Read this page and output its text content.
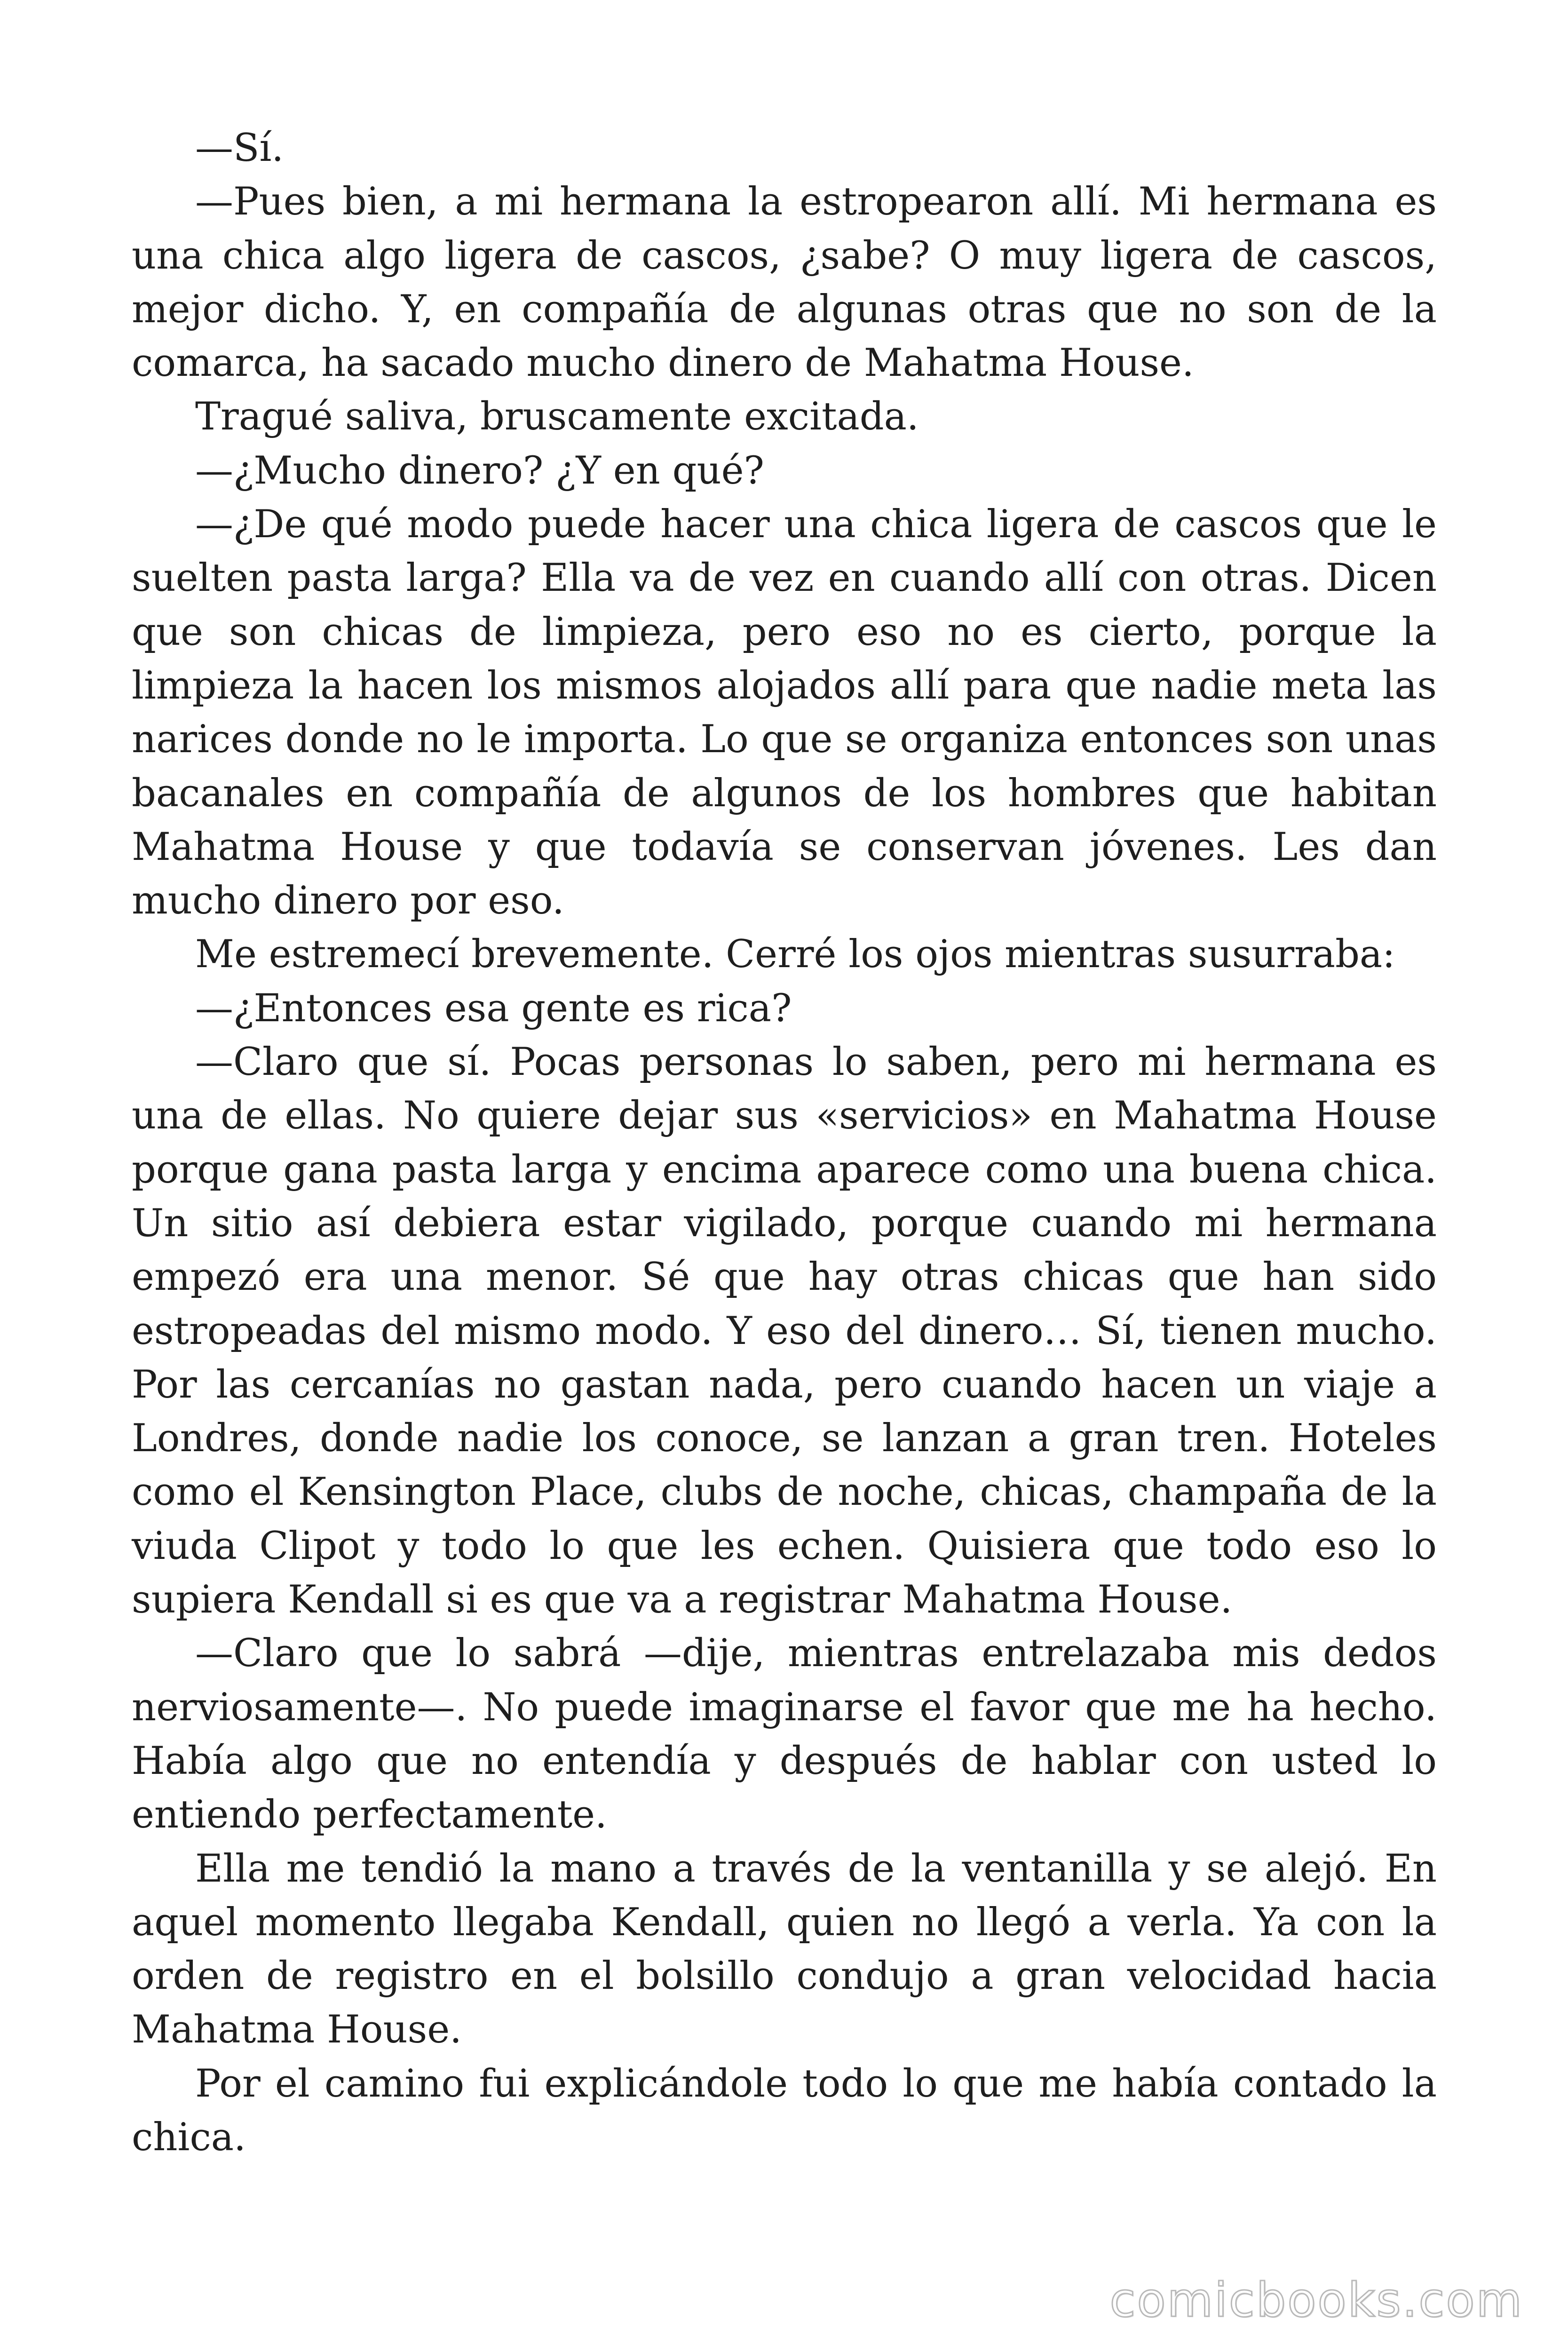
—Sí.

—Pues bien, a mi hermana la estropearon allí. Mi hermana es una chica algo ligera de cascos, ¿sabe? O muy ligera de cascos, mejor dicho. Y, en compañía de algunas otras que no son de la comarca, ha sacado mucho dinero de Mahatma House.

Tragué saliva, bruscamente excitada.

—¿Mucho dinero? ¿Y en qué?

—¿De qué modo puede hacer una chica ligera de cascos que le suelten pasta larga? Ella va de vez en cuando allí con otras. Dicen que son chicas de limpieza, pero eso no es cierto, porque la limpieza la hacen los mismos alojados allí para que nadie meta las narices donde no le importa. Lo que se organiza entonces son unas bacanales en compañía de algunos de los hombres que habitan Mahatma House y que todavía se conservan jóvenes. Les dan mucho dinero por eso.

Me estremecí brevemente. Cerré los ojos mientras susurraba:

—¿Entonces esa gente es rica?

—Claro que sí. Pocas personas lo saben, pero mi hermana es una de ellas. No quiere dejar sus «servicios» en Mahatma House porque gana pasta larga y encima aparece como una buena chica. Un sitio así debiera estar vigilado, porque cuando mi hermana empezó era una menor. Sé que hay otras chicas que han sido estropeadas del mismo modo. Y eso del dinero… Sí, tienen mucho. Por las cercanías no gastan nada, pero cuando hacen un viaje a Londres, donde nadie los conoce, se lanzan a gran tren. Hoteles como el Kensington Place, clubs de noche, chicas, champaña de la viuda Clipot y todo lo que les echen. Quisiera que todo eso lo supiera Kendall si es que va a registrar Mahatma House.

—Claro que lo sabrá —dije, mientras entrelazaba mis dedos nerviosamente—. No puede imaginarse el favor que me ha hecho. Había algo que no entendía y después de hablar con usted lo entiendo perfectamente.

Ella me tendió la mano a través de la ventanilla y se alejó. En aquel momento llegaba Kendall, quien no llegó a verla. Ya con la orden de registro en el bolsillo condujo a gran velocidad hacia Mahatma House.

Por el camino fui explicándole todo lo que me había contado la chica.

comicbooks.com
